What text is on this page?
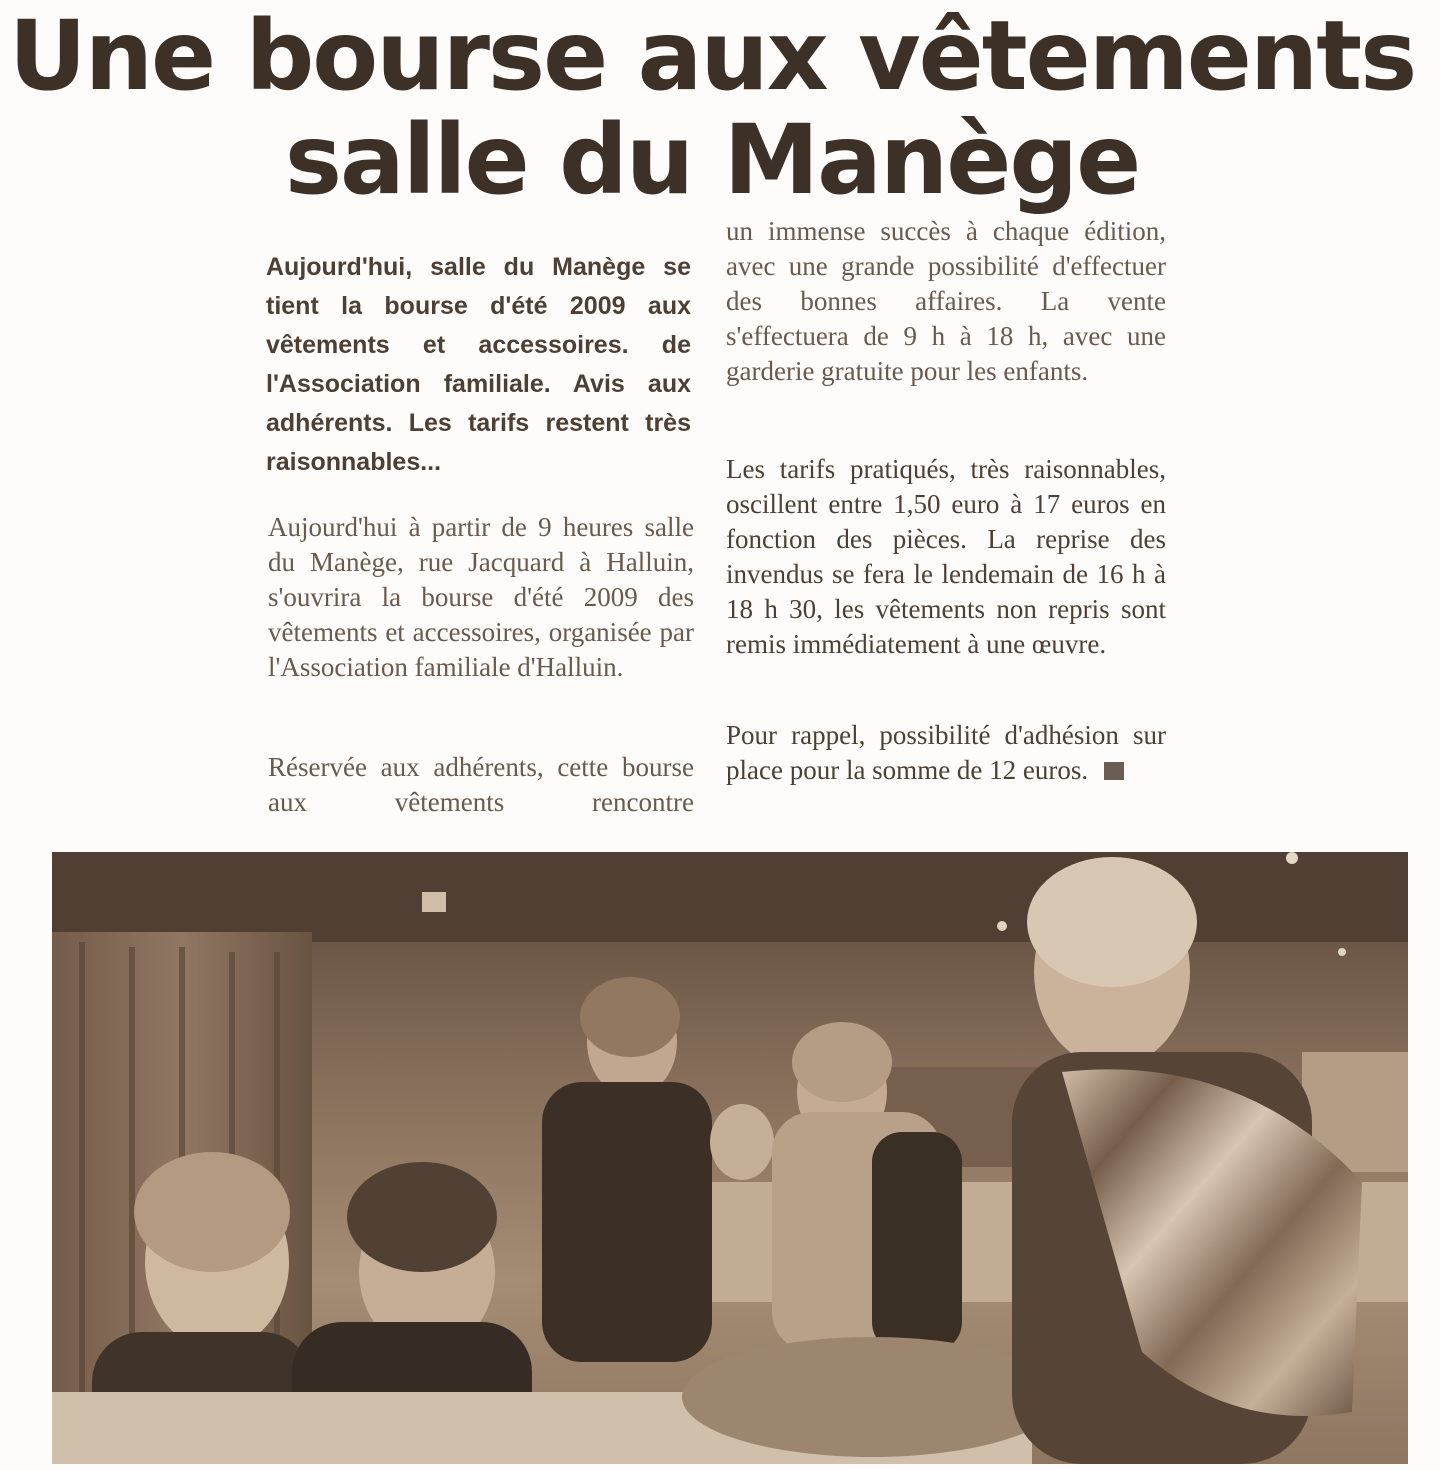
Une bourse aux vêtements
salle du Manège
Aujourd'hui, salle du Manège se tient la bourse d'été 2009 aux vêtements et accessoires. de l'Association familiale. Avis aux adhérents. Les tarifs restent très raisonnables...
Aujourd'hui à partir de 9 heures salle du Manège, rue Jacquard à Halluin, s'ouvrira la bourse d'été 2009 des vêtements et accessoires, organisée par l'Association familiale d'Halluin.
Réservée aux adhérents, cette bourse aux vêtements rencontre
un immense succès à chaque édition, avec une grande possibilité d'effectuer des bonnes affaires. La vente s'effectuera de 9 h à 18 h, avec une garderie gratuite pour les enfants.
Les tarifs pratiqués, très raisonnables, oscillent entre 1,50 euro à 17 euros en fonction des pièces. La reprise des invendus se fera le lendemain de 16 h à 18 h 30, les vêtements non repris sont remis immédiatement à une œuvre.
Pour rappel, possibilité d'adhésion sur place pour la somme de 12 euros.
